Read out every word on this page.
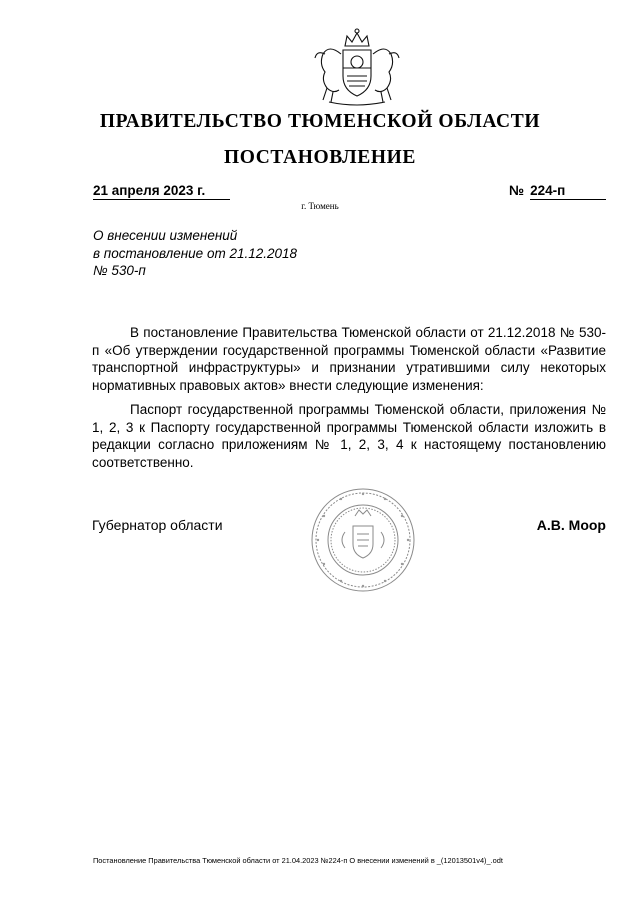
ПРАВИТЕЛЬСТВО ТЮМЕНСКОЙ ОБЛАСТИ
ПОСТАНОВЛЕНИЕ
21 апреля 2023 г.	№ 224-п
г. Тюмень
О внесении изменений
в постановление от 21.12.2018
№ 530-п

В постановление Правительства Тюменской области от 21.12.2018 № 530-п «Об утверждении государственной программы Тюменской области «Развитие транспортной инфраструктуры» и признании утратившими силу некоторых нормативных правовых актов» внести следующие изменения:

Паспорт государственной программы Тюменской области, приложения № 1, 2, 3 к Паспорту государственной программы Тюменской области изложить в редакции согласно приложениям № 1, 2, 3, 4 к настоящему постановлению соответственно.

Губернатор области	А.В. Моор
Постановление Правительства Тюменской области от 21.04.2023 №224-п О внесении изменений в _(12013501v4)_.odt
